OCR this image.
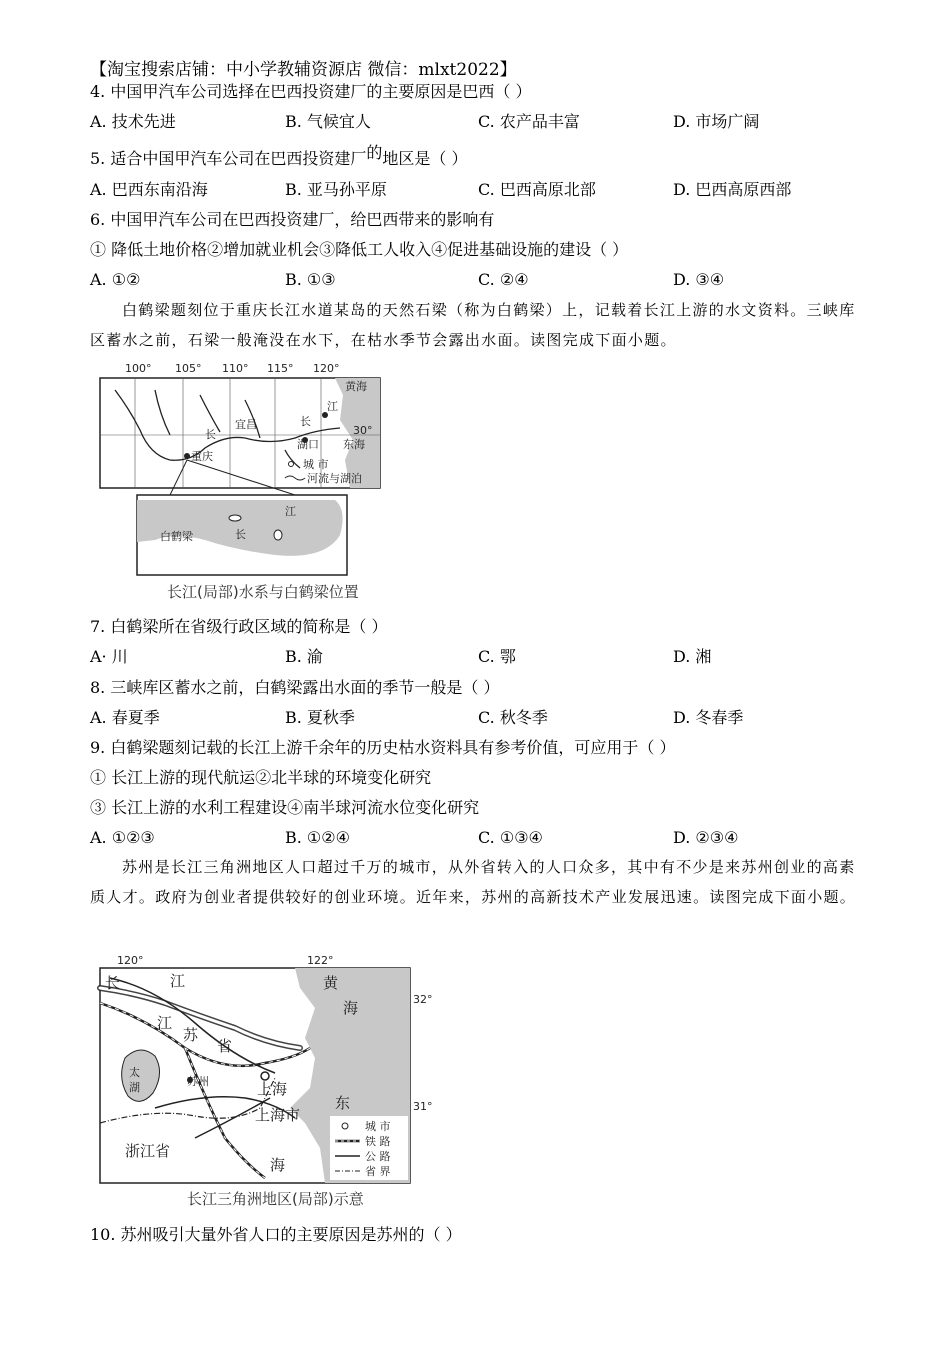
【淘宝搜索店铺：中小学教辅资源店 微信：mlxt2022】
4. 中国甲汽车公司选择在巴西投资建厂的主要原因是巴西（ ）
A. 技术先进	B. 气候宜人	C. 农产品丰富	D. 市场广阔
5. 适合中国甲汽车公司在巴西投资建厂的地区是（ ）
A. 巴西东南沿海	B. 亚马孙平原	C. 巴西高原北部	D. 巴西高原西部
6. 中国甲汽车公司在巴西投资建厂，给巴西带来的影响有
① 降低土地价格②增加就业机会③降低工人收入④促进基础设施的建设（ ）
A. ①②	B. ①③	C. ②④	D. ③④
白鹤梁题刻位于重庆长江水道某岛的天然石梁（称为白鹤梁）上，记载着长江上游的水文资料。三峡库区蓄水之前，石梁一般淹没在水下，在枯水季节会露出水面。读图完成下面小题。
100° 105° 110° 115° 120°
黄海
东海
30°
江
长
宜昌
湖口
长
重庆
城 市
河流与湖泊
白鹤梁
江
长
长江(局部)水系与白鹤梁位置
7. 白鹤梁所在省级行政区域的简称是（ ）
A· 川	B. 渝	C. 鄂	D. 湘
8. 三峡库区蓄水之前，白鹤梁露出水面的季节一般是（ ）
A. 春夏季	B. 夏秋季	C. 秋冬季	D. 冬春季
9. 白鹤梁题刻记载的长江上游千余年的历史枯水资料具有参考价值，可应用于（ ）
① 长江上游的现代航运②北半球的环境变化研究
③ 长江上游的水利工程建设④南半球河流水位变化研究
A. ①②③	B. ①②④	C. ①③④	D. ②③④
苏州是长江三角洲地区人口超过千万的城市，从外省转入的人口众多，其中有不少是来苏州创业的高素质人才。政府为创业者提供较好的创业环境。近年来，苏州的高新技术产业发展迅速。读图完成下面小题。
120°	122°
32°
31°
长	江
江
苏
省
太
湖	苏州	上海
上海市
浙江省
黄
海
东
海
城 市
铁 路
公 路
省 界
长江三角洲地区(局部)示意
10. 苏州吸引大量外省人口的主要原因是苏州的（ ）
